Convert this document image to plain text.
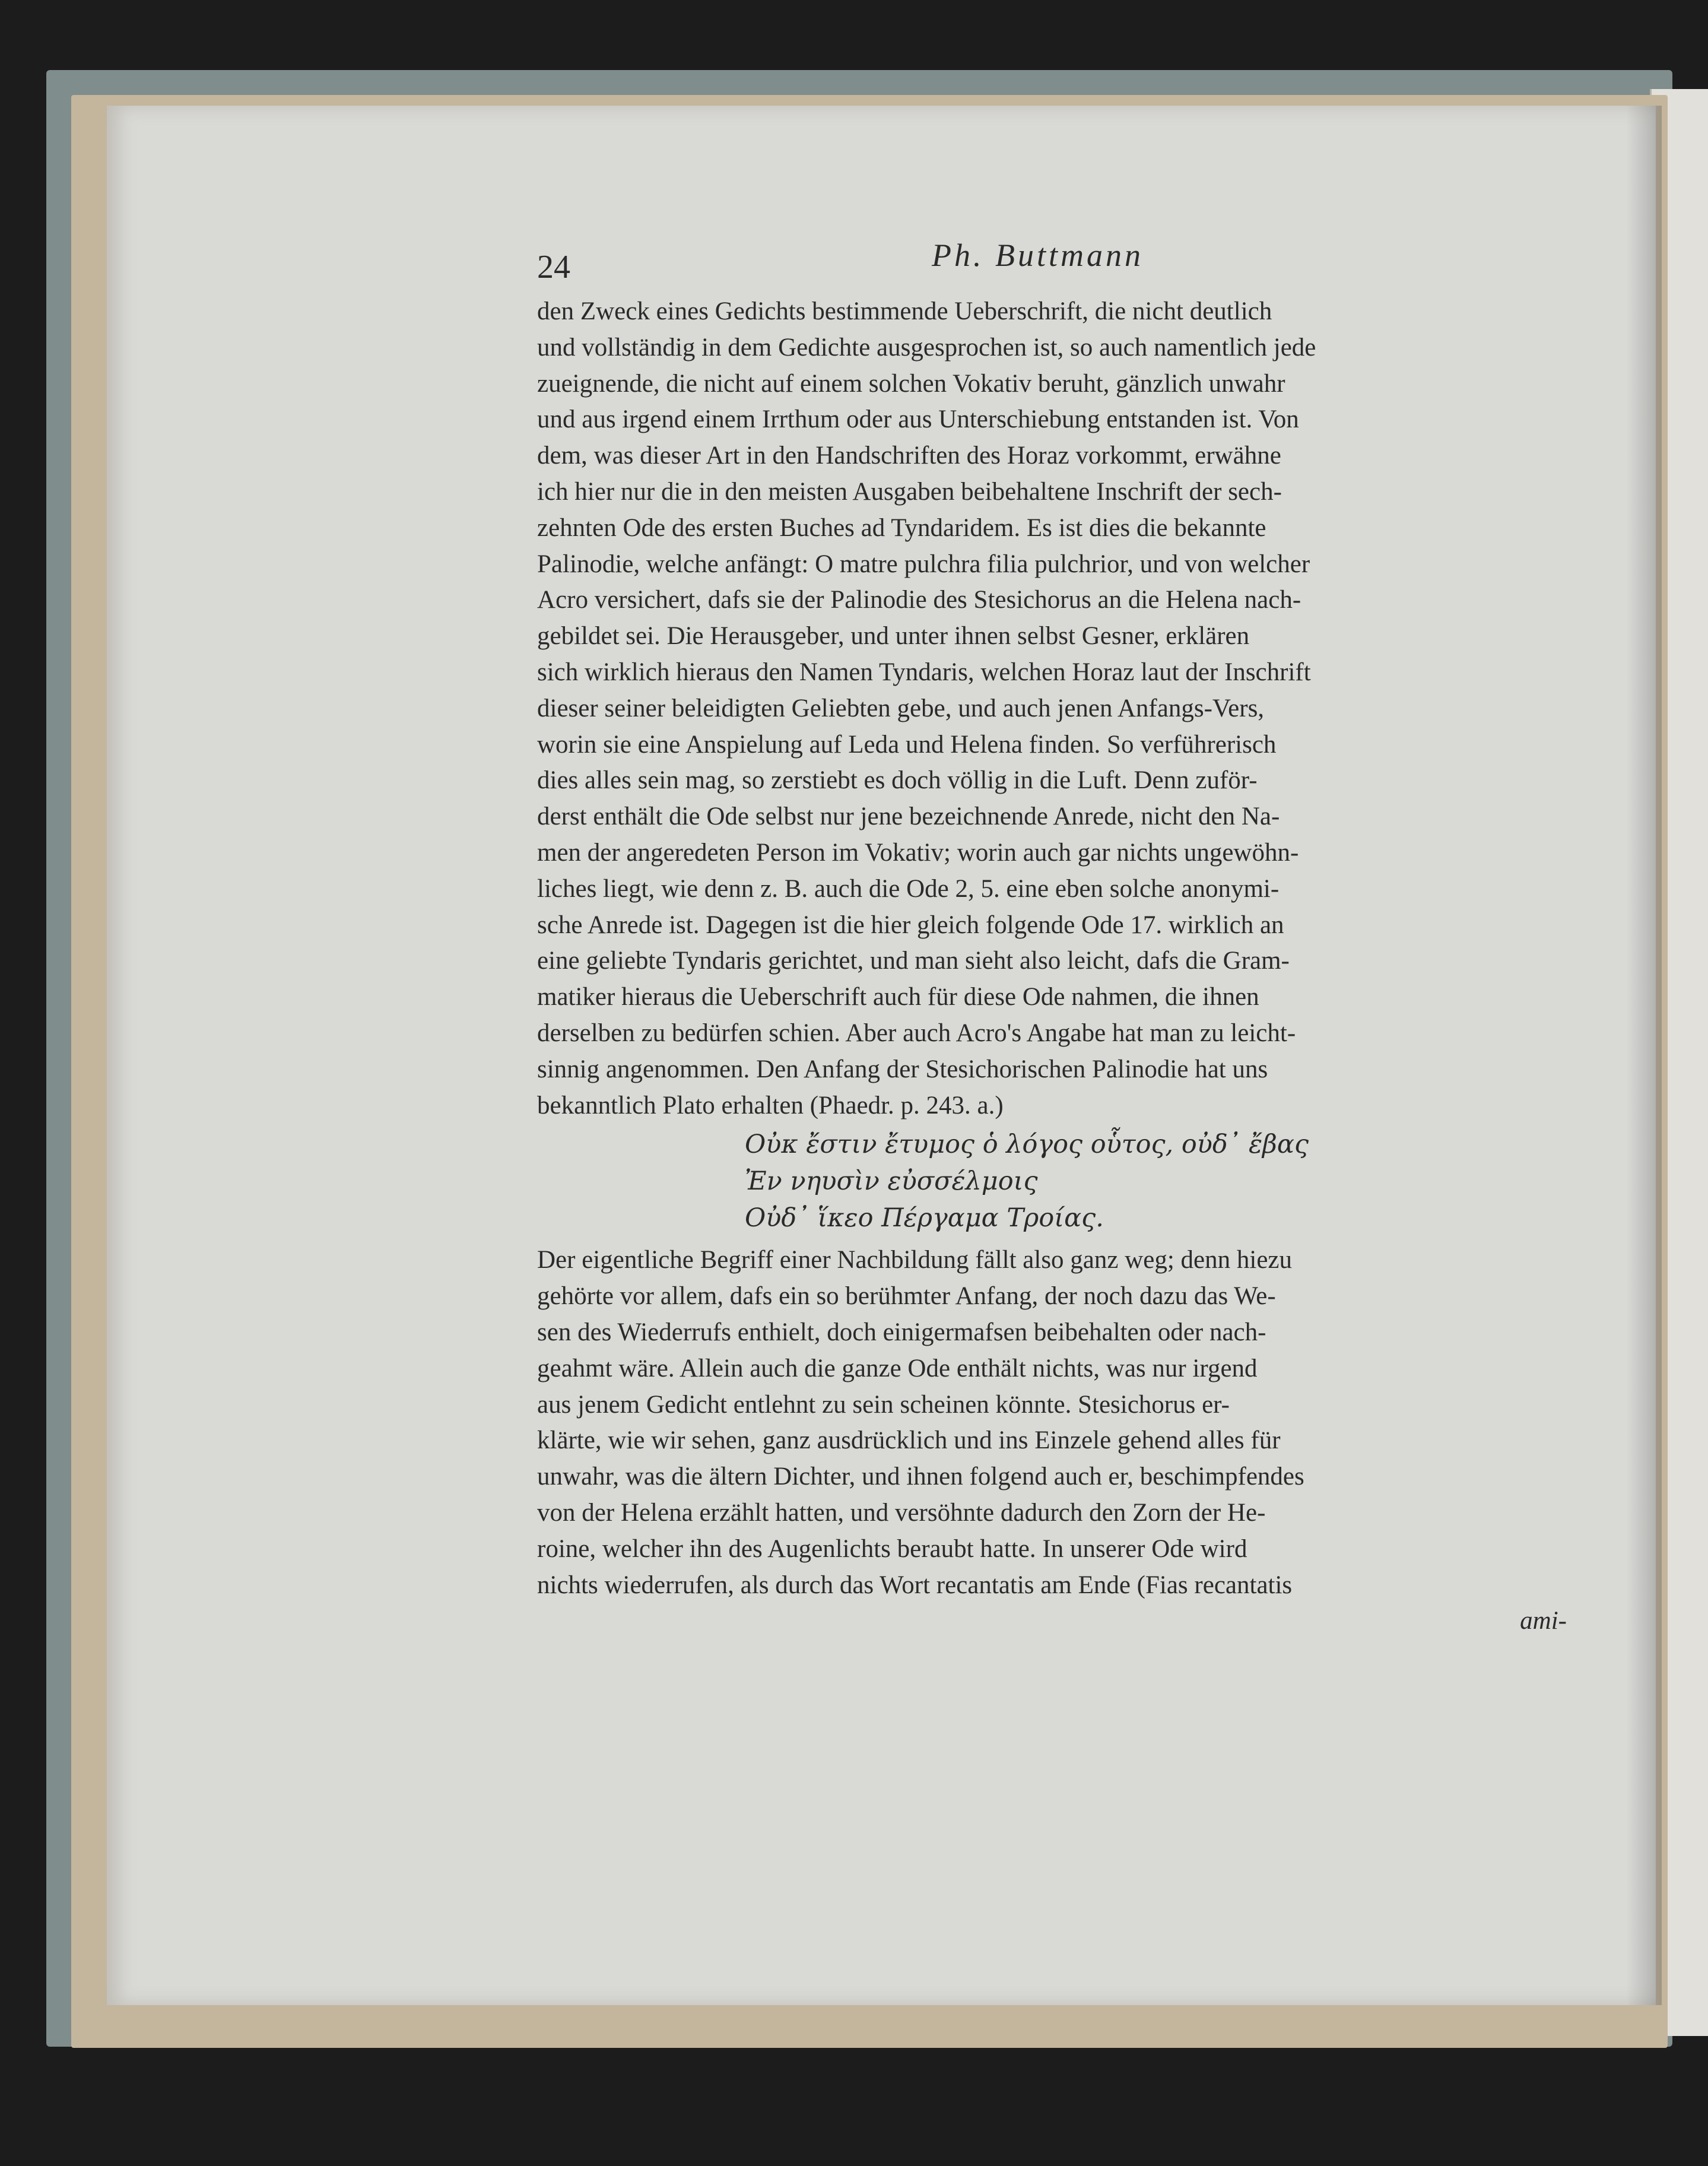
24	Ph. Buttmann

den Zweck eines Gedichts bestimmende Ueberschrift, die nicht deutlich
und vollständig in dem Gedichte ausgesprochen ist, so auch namentlich jede
zueignende, die nicht auf einem solchen Vokativ beruht, gänzlich unwahr
und aus irgend einem Irrthum oder aus Unterschiebung entstanden ist. Von
dem, was dieser Art in den Handschriften des Horaz vorkommt, erwähne
ich hier nur die in den meisten Ausgaben beibehaltene Inschrift der sech-
zehnten Ode des ersten Buches ad Tyndaridem. Es ist dies die bekannte
Palinodie, welche anfängt: O matre pulchra filia pulchrior, und von welcher
Acro versichert, dafs sie der Palinodie des Stesichorus an die Helena nach-
gebildet sei. Die Herausgeber, und unter ihnen selbst Gesner, erklären
sich wirklich hieraus den Namen Tyndaris, welchen Horaz laut der Inschrift
dieser seiner beleidigten Geliebten gebe, und auch jenen Anfangs-Vers,
worin sie eine Anspielung auf Leda und Helena finden. So verführerisch
dies alles sein mag, so zerstiebt es doch völlig in die Luft. Denn zuför-
derst enthält die Ode selbst nur jene bezeichnende Anrede, nicht den Na-
men der angeredeten Person im Vokativ; worin auch gar nichts ungewöhn-
liches liegt, wie denn z. B. auch die Ode 2, 5. eine eben solche anonymi-
sche Anrede ist. Dagegen ist die hier gleich folgende Ode 17. wirklich an
eine geliebte Tyndaris gerichtet, und man sieht also leicht, dafs die Gram-
matiker hieraus die Ueberschrift auch für diese Ode nahmen, die ihnen
derselben zu bedürfen schien. Aber auch Acro's Angabe hat man zu leicht-
sinnig angenommen. Den Anfang der Stesichorischen Palinodie hat uns
bekanntlich Plato erhalten (Phaedr. p. 243. a.)

Οὐκ ἔστιν ἔτυμος ὁ λόγος οὗτος, οὐδ᾽ ἔβας
Ἐν νηυσὶν εὐσσέλμοις
Οὐδ᾽ ἵκεο Πέργαμα Τροίας.

Der eigentliche Begriff einer Nachbildung fällt also ganz weg; denn hiezu
gehörte vor allem, dafs ein so berühmter Anfang, der noch dazu das We-
sen des Wiederrufs enthielt, doch einigermafsen beibehalten oder nach-
geahmt wäre. Allein auch die ganze Ode enthält nichts, was nur irgend
aus jenem Gedicht entlehnt zu sein scheinen könnte. Stesichorus er-
klärte, wie wir sehen, ganz ausdrücklich und ins Einzele gehend alles für
unwahr, was die ältern Dichter, und ihnen folgend auch er, beschimpfendes
von der Helena erzählt hatten, und versöhnte dadurch den Zorn der He-
roine, welcher ihn des Augenlichts beraubt hatte. In unserer Ode wird
nichts wiederrufen, als durch das Wort recantatis am Ende (Fias recantatis

ami-
